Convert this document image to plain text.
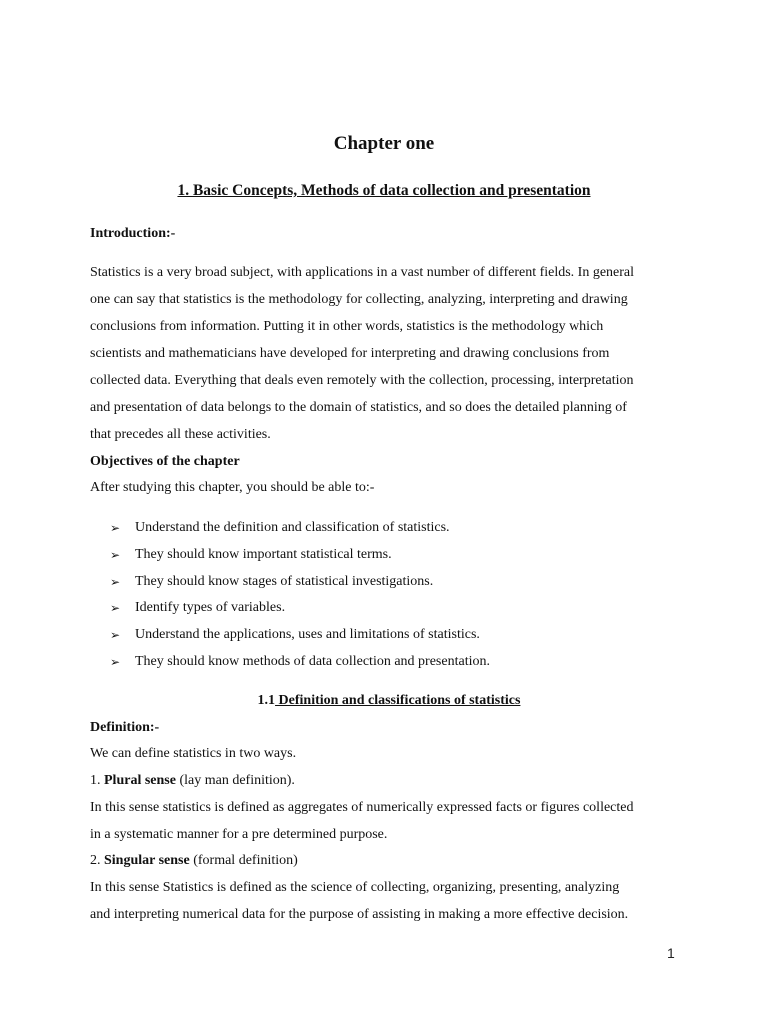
Chapter one
1. Basic Concepts, Methods of data collection and presentation
Introduction:-
Statistics is a very broad subject, with applications in a vast number of different fields. In general
one can say that statistics is the methodology for collecting, analyzing, interpreting and drawing
conclusions from information. Putting it in other words, statistics is the methodology which
scientists and mathematicians have developed for interpreting and drawing conclusions from
collected data. Everything that deals even remotely with the collection, processing, interpretation
and presentation of data belongs to the domain of statistics, and so does the detailed planning of
that precedes all these activities.
Objectives of the chapter
After studying this chapter, you should be able to:-
➢	Understand the definition and classification of statistics.
➢	They should know important statistical terms.
➢	They should know stages of statistical investigations.
➢	Identify types of variables.
➢	Understand the applications, uses and limitations of statistics.
➢	They should know methods of data collection and presentation.
1.1 Definition and classifications of statistics
Definition:-
We can define statistics in two ways.
1. Plural sense (lay man definition).
In this sense statistics is defined as aggregates of numerically expressed facts or figures collected
in a systematic manner for a pre determined purpose.
2. Singular sense (formal definition)
In this sense Statistics is defined as the science of collecting, organizing, presenting, analyzing
and interpreting numerical data for the purpose of assisting in making a more effective decision.
1
